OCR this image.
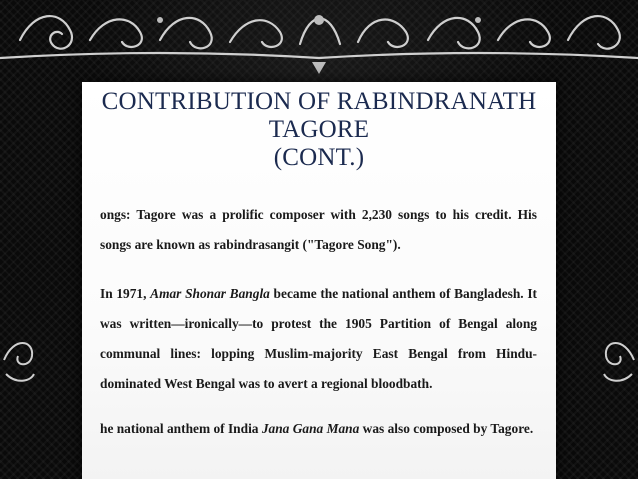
CONTRIBUTION OF RABINDRANATH
TAGORE
(CONT.)

ongs: Tagore was a prolific composer with 2,230 songs to his credit. His songs are known as rabindrasangit ("Tagore Song").

In 1971, Amar Shonar Bangla became the national anthem of Bangladesh. It was written—ironically—to protest the 1905 Partition of Bengal along communal lines: lopping Muslim-majority East Bengal from Hindu-dominated West Bengal was to avert a regional bloodbath.

he national anthem of India Jana Gana Mana was also composed by Tagore.
